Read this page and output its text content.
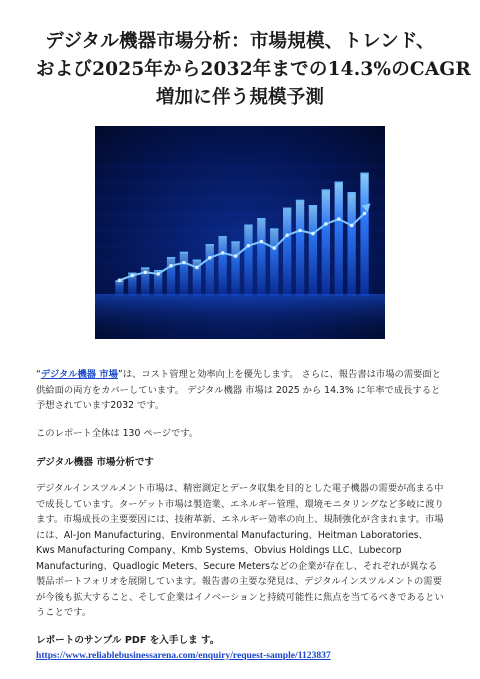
デジタル機器市場分析：市場規模、トレンド、
および2025年から2032年までの14.3%のCAGR
増加に伴う規模予測

“デジタル機器 市場”は、コスト管理と効率向上を優先します。 さらに、報告書は市場の需要面と供給面の両方をカバーしています。 デジタル機器 市場は 2025 から 14.3% に年率で成長すると予想されています2032 です。

このレポート全体は 130 ページです。

デジタル機器 市場分析です

デジタルインスツルメント市場は、精密測定とデータ収集を目的とした電子機器の需要が高まる中で成長しています。ターゲット市場は製造業、エネルギー管理、環境モニタリングなど多岐に渡ります。市場成長の主要要因には、技術革新、エネルギー効率の向上、規制強化が含まれます。市場には、Al-Jon Manufacturing、Environmental Manufacturing、Heitman Laboratories、Kws Manufacturing Company、Kmb Systems、Obvius Holdings LLC、Lubecorp Manufacturing、Quadlogic Meters、Secure Metersなどの企業が存在し、それぞれが異なる製品ポートフォリオを展開しています。報告書の主要な発見は、デジタルインスツルメントの需要が今後も拡大すること、そして企業はイノベーションと持続可能性に焦点を当てるべきであるということです。

レポートのサンプル PDF を入手しま す。 https://www.reliablebusinessarena.com/enquiry/request-sample/1123837
